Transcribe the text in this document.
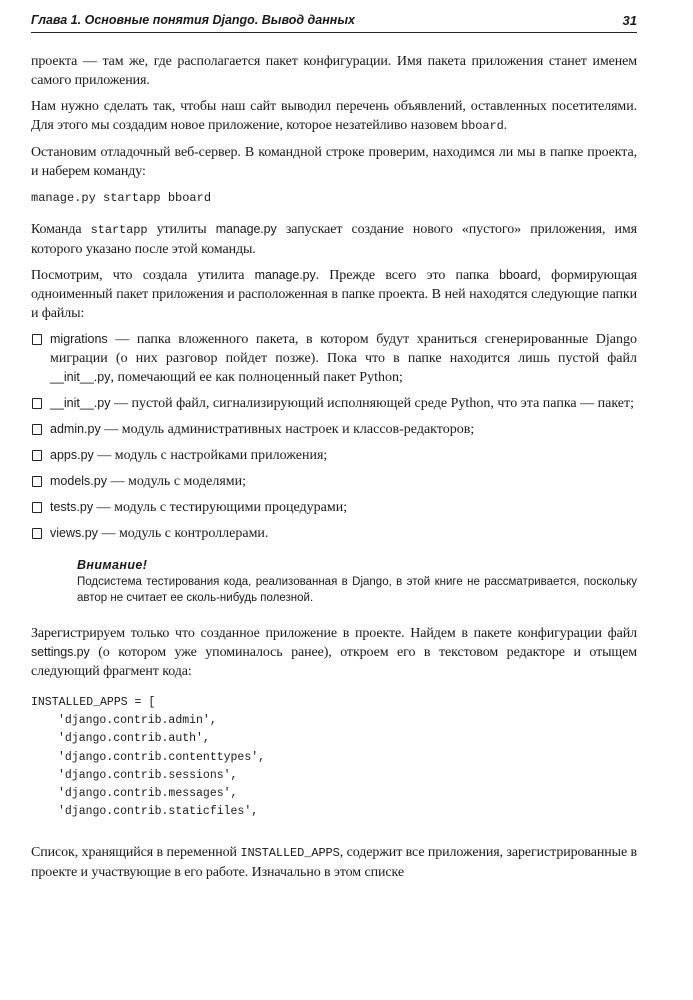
Глава 1. Основные понятия Django. Вывод данных	31

проекта — там же, где располагается пакет конфигурации. Имя пакета приложения станет именем самого приложения.

Нам нужно сделать так, чтобы наш сайт выводил перечень объявлений, оставленных посетителями. Для этого мы создадим новое приложение, которое незатейливо назовем bboard.

Остановим отладочный веб-сервер. В командной строке проверим, находимся ли мы в папке проекта, и наберем команду:

manage.py startapp bboard

Команда startapp утилиты manage.py запускает создание нового «пустого» приложения, имя которого указано после этой команды.

Посмотрим, что создала утилита manage.py. Прежде всего это папка bboard, формирующая одноименный пакет приложения и расположенная в папке проекта. В ней находятся следующие папки и файлы:

migrations — папка вложенного пакета, в котором будут храниться сгенерированные Django миграции (о них разговор пойдет позже). Пока что в папке находится лишь пустой файл __init__.py, помечающий ее как полноценный пакет Python;
__init__.py — пустой файл, сигнализирующий исполняющей среде Python, что эта папка — пакет;
admin.py — модуль административных настроек и классов-редакторов;
apps.py — модуль с настройками приложения;
models.py — модуль с моделями;
tests.py — модуль с тестирующими процедурами;
views.py — модуль с контроллерами.
Внимание!
Подсистема тестирования кода, реализованная в Django, в этой книге не рассматривается, поскольку автор не считает ее сколь-нибудь полезной.

Зарегистрируем только что созданное приложение в проекте. Найдем в пакете конфигурации файл settings.py (о котором уже упоминалось ранее), откроем его в текстовом редакторе и отыщем следующий фрагмент кода:

INSTALLED_APPS = [
'django.contrib.admin',
'django.contrib.auth',
'django.contrib.contenttypes',
'django.contrib.sessions',
'django.contrib.messages',
'django.contrib.staticfiles',

Список, хранящийся в переменной INSTALLED_APPS, содержит все приложения, зарегистрированные в проекте и участвующие в его работе. Изначально в этом списке
